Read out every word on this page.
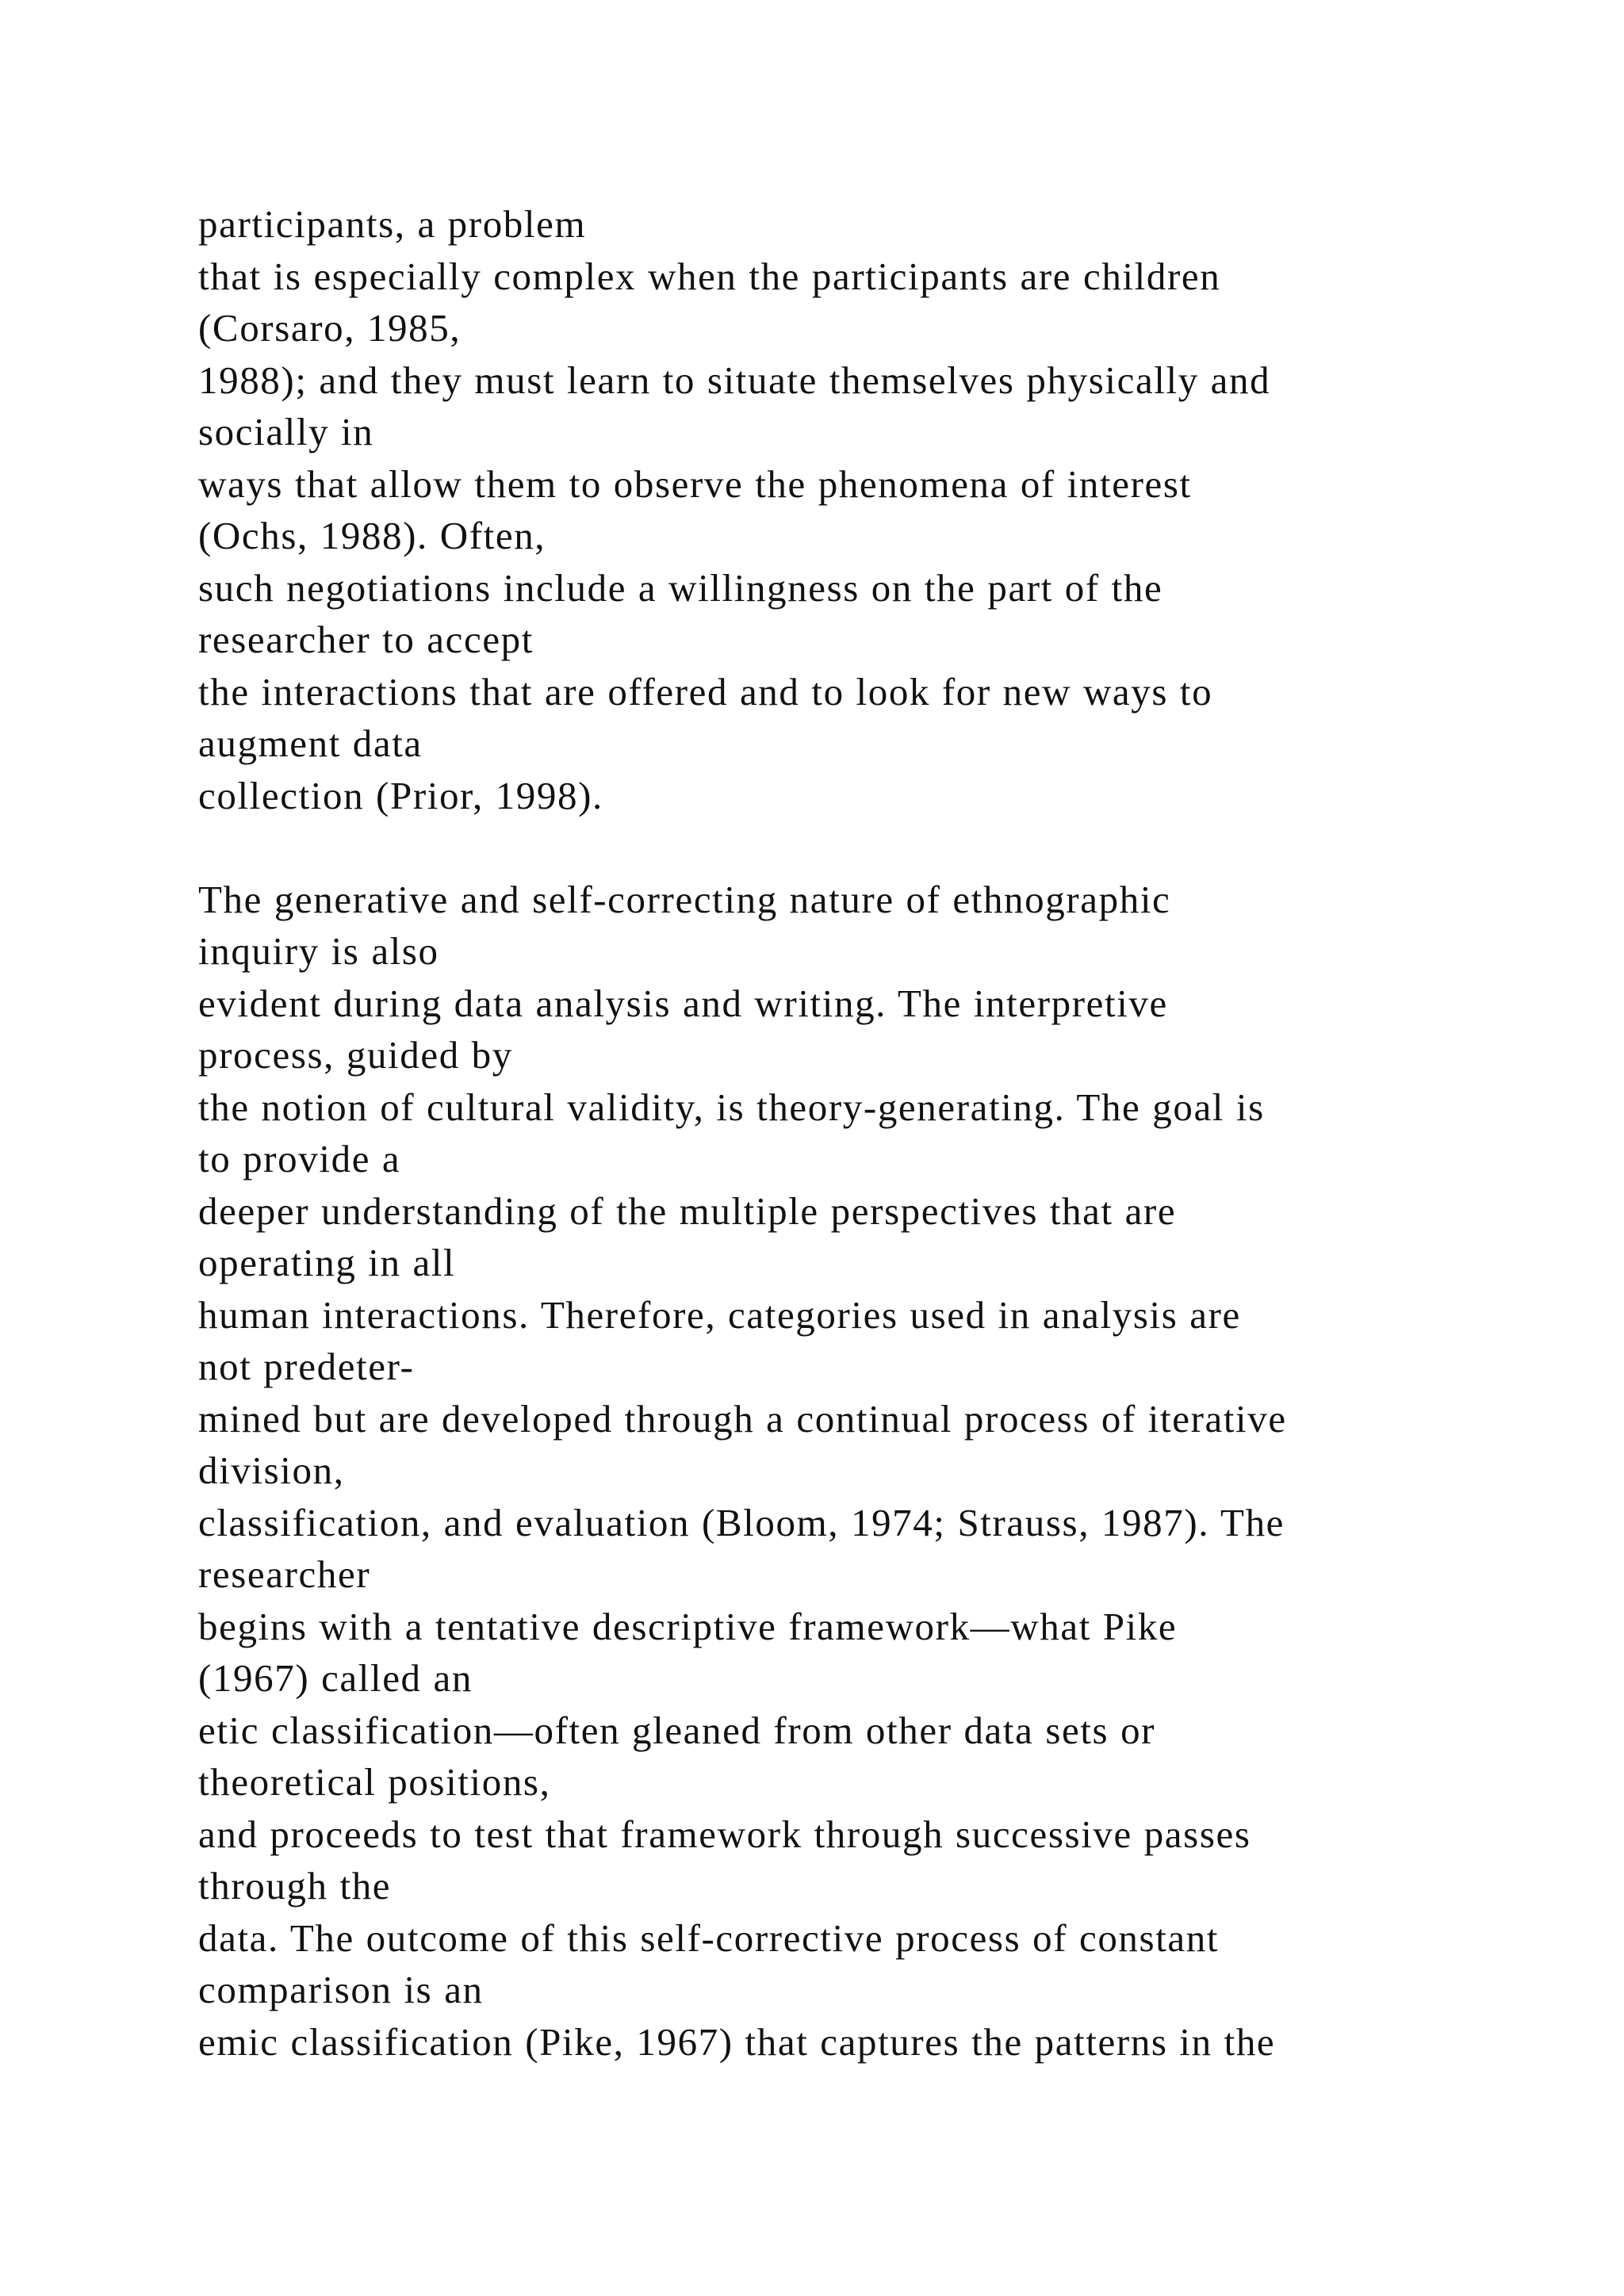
participants, a problem
that is especially complex when the participants are children
(Corsaro, 1985,
1988); and they must learn to situate themselves physically and
socially in
ways that allow them to observe the phenomena of interest
(Ochs, 1988). Often,
such negotiations include a willingness on the part of the
researcher to accept
the interactions that are offered and to look for new ways to
augment data
collection (Prior, 1998).
The generative and self-correcting nature of ethnographic
inquiry is also
evident during data analysis and writing. The interpretive
process, guided by
the notion of cultural validity, is theory-generating. The goal is
to provide a
deeper understanding of the multiple perspectives that are
operating in all
human interactions. Therefore, categories used in analysis are
not predeter-
mined but are developed through a continual process of iterative
division,
classification, and evaluation (Bloom, 1974; Strauss, 1987). The
researcher
begins with a tentative descriptive framework—what Pike
(1967) called an
etic classification—often gleaned from other data sets or
theoretical positions,
and proceeds to test that framework through successive passes
through the
data. The outcome of this self-corrective process of constant
comparison is an
emic classification (Pike, 1967) that captures the patterns in the
